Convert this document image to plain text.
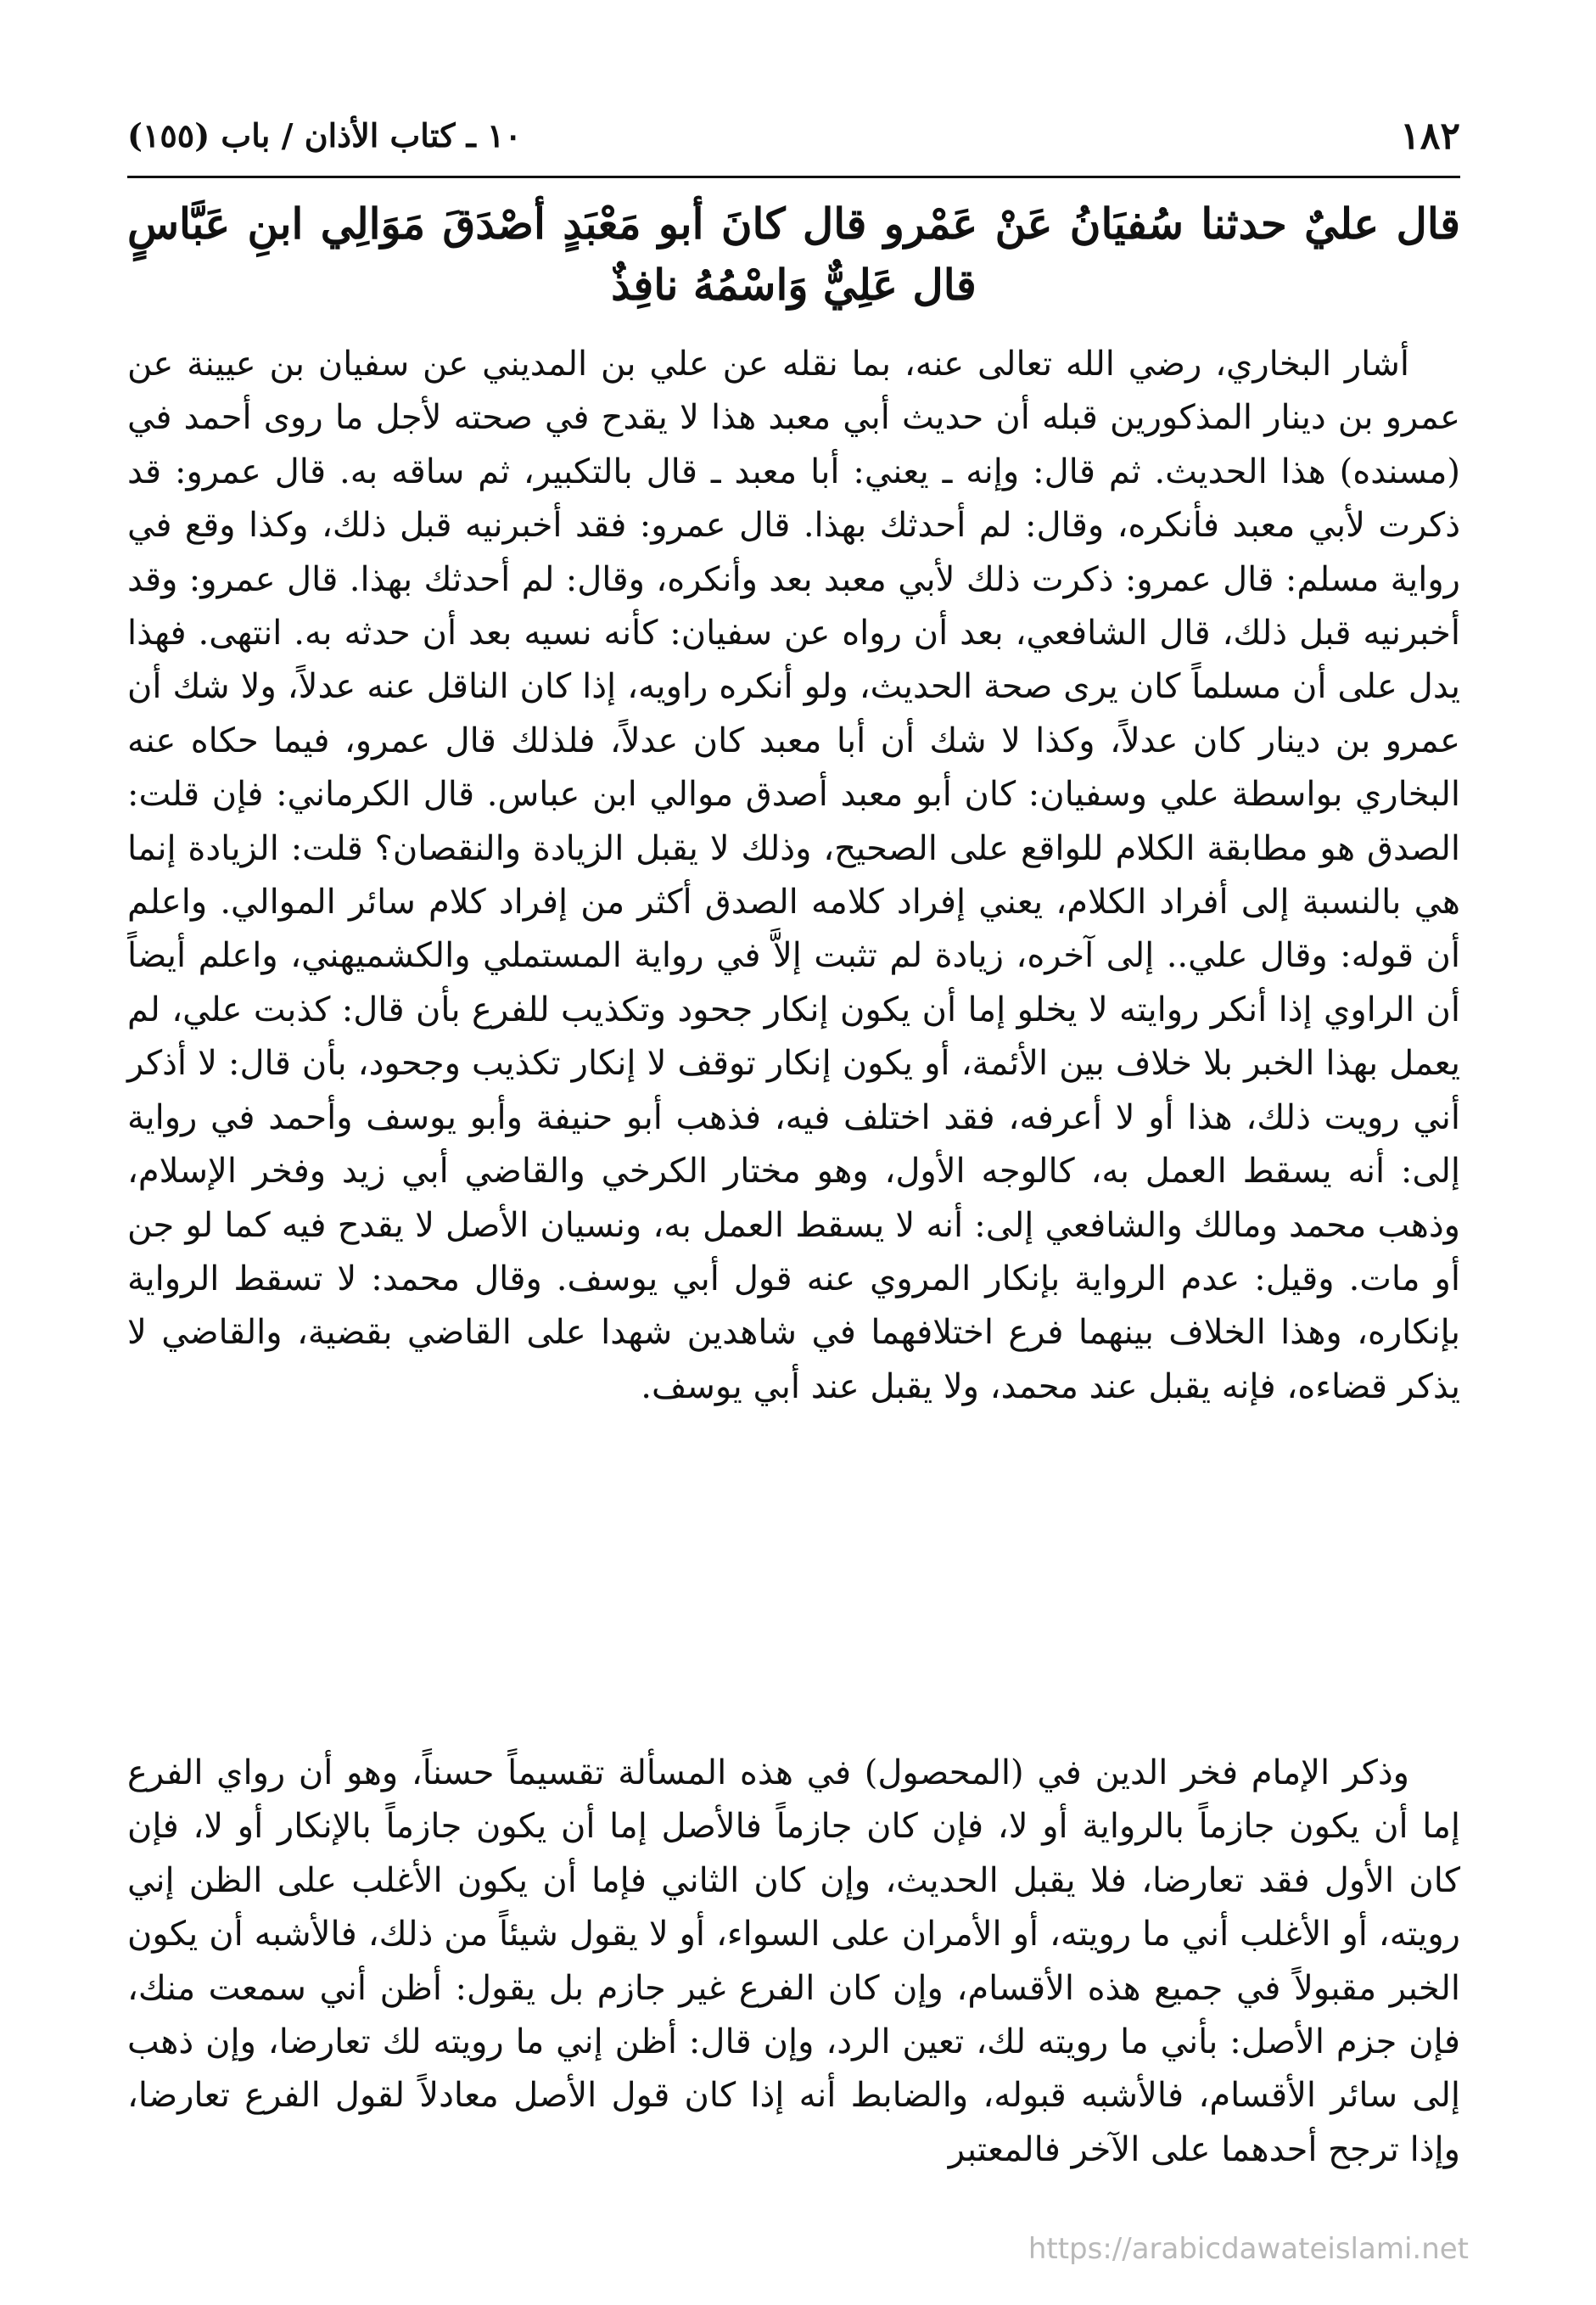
١٨٢
١٠ ـ كتاب الأذان / باب (١٥٥)
قال عليٌ حدثنا سُفيَانُ عَنْ عَمْرو قال كانَ أبو مَعْبَدٍ أصْدَقَ مَوَالِي ابنِ عَبَّاسٍ قال عَلِيٌّ وَاسْمُهُ نافِذٌ
أشار البخاري، رضي الله تعالى عنه، بما نقله عن علي بن المديني عن سفيان بن عيينة عن عمرو بن دينار المذكورين قبله أن حديث أبي معبد هذا لا يقدح في صحته لأجل ما روى أحمد في (مسنده) هذا الحديث. ثم قال: وإنه ـ يعني: أبا معبد ـ قال بالتكبير، ثم ساقه به. قال عمرو: قد ذكرت لأبي معبد فأنكره، وقال: لم أحدثك بهذا. قال عمرو: فقد أخبرنيه قبل ذلك، وكذا وقع في رواية مسلم: قال عمرو: ذكرت ذلك لأبي معبد بعد وأنكره، وقال: لم أحدثك بهذا. قال عمرو: وقد أخبرنيه قبل ذلك، قال الشافعي، بعد أن رواه عن سفيان: كأنه نسيه بعد أن حدثه به. انتهى. فهذا يدل على أن مسلماً كان يرى صحة الحديث، ولو أنكره راويه، إذا كان الناقل عنه عدلاً، ولا شك أن عمرو بن دينار كان عدلاً، وكذا لا شك أن أبا معبد كان عدلاً، فلذلك قال عمرو، فيما حكاه عنه البخاري بواسطة علي وسفيان: كان أبو معبد أصدق موالي ابن عباس. قال الكرماني: فإن قلت: الصدق هو مطابقة الكلام للواقع على الصحيح، وذلك لا يقبل الزيادة والنقصان؟ قلت: الزيادة إنما هي بالنسبة إلى أفراد الكلام، يعني إفراد كلامه الصدق أكثر من إفراد كلام سائر الموالي. واعلم أن قوله: وقال علي.. إلى آخره، زيادة لم تثبت إلاَّ في رواية المستملي والكشميهني، واعلم أيضاً أن الراوي إذا أنكر روايته لا يخلو إما أن يكون إنكار جحود وتكذيب للفرع بأن قال: كذبت علي، لم يعمل بهذا الخبر بلا خلاف بين الأئمة، أو يكون إنكار توقف لا إنكار تكذيب وجحود، بأن قال: لا أذكر أني رويت ذلك، هذا أو لا أعرفه، فقد اختلف فيه، فذهب أبو حنيفة وأبو يوسف وأحمد في رواية إلى: أنه يسقط العمل به، كالوجه الأول، وهو مختار الكرخي والقاضي أبي زيد وفخر الإسلام، وذهب محمد ومالك والشافعي إلى: أنه لا يسقط العمل به، ونسيان الأصل لا يقدح فيه كما لو جن أو مات. وقيل: عدم الرواية بإنكار المروي عنه قول أبي يوسف. وقال محمد: لا تسقط الرواية بإنكاره، وهذا الخلاف بينهما فرع اختلافهما في شاهدين شهدا على القاضي بقضية، والقاضي لا يذكر قضاءه، فإنه يقبل عند محمد، ولا يقبل عند أبي يوسف.
وذكر الإمام فخر الدين في (المحصول) في هذه المسألة تقسيماً حسناً، وهو أن رواي الفرع إما أن يكون جازماً بالرواية أو لا، فإن كان جازماً فالأصل إما أن يكون جازماً بالإنكار أو لا، فإن كان الأول فقد تعارضا، فلا يقبل الحديث، وإن كان الثاني فإما أن يكون الأغلب على الظن إني رويته، أو الأغلب أني ما رويته، أو الأمران على السواء، أو لا يقول شيئاً من ذلك، فالأشبه أن يكون الخبر مقبولاً في جميع هذه الأقسام، وإن كان الفرع غير جازم بل يقول: أظن أني سمعت منك، فإن جزم الأصل: بأني ما رويته لك، تعين الرد، وإن قال: أظن إني ما رويته لك تعارضا، وإن ذهب إلى سائر الأقسام، فالأشبه قبوله، والضابط أنه إذا كان قول الأصل معادلاً لقول الفرع تعارضا، وإذا ترجح أحدهما على الآخر فالمعتبر
https://arabicdawateislami.net
